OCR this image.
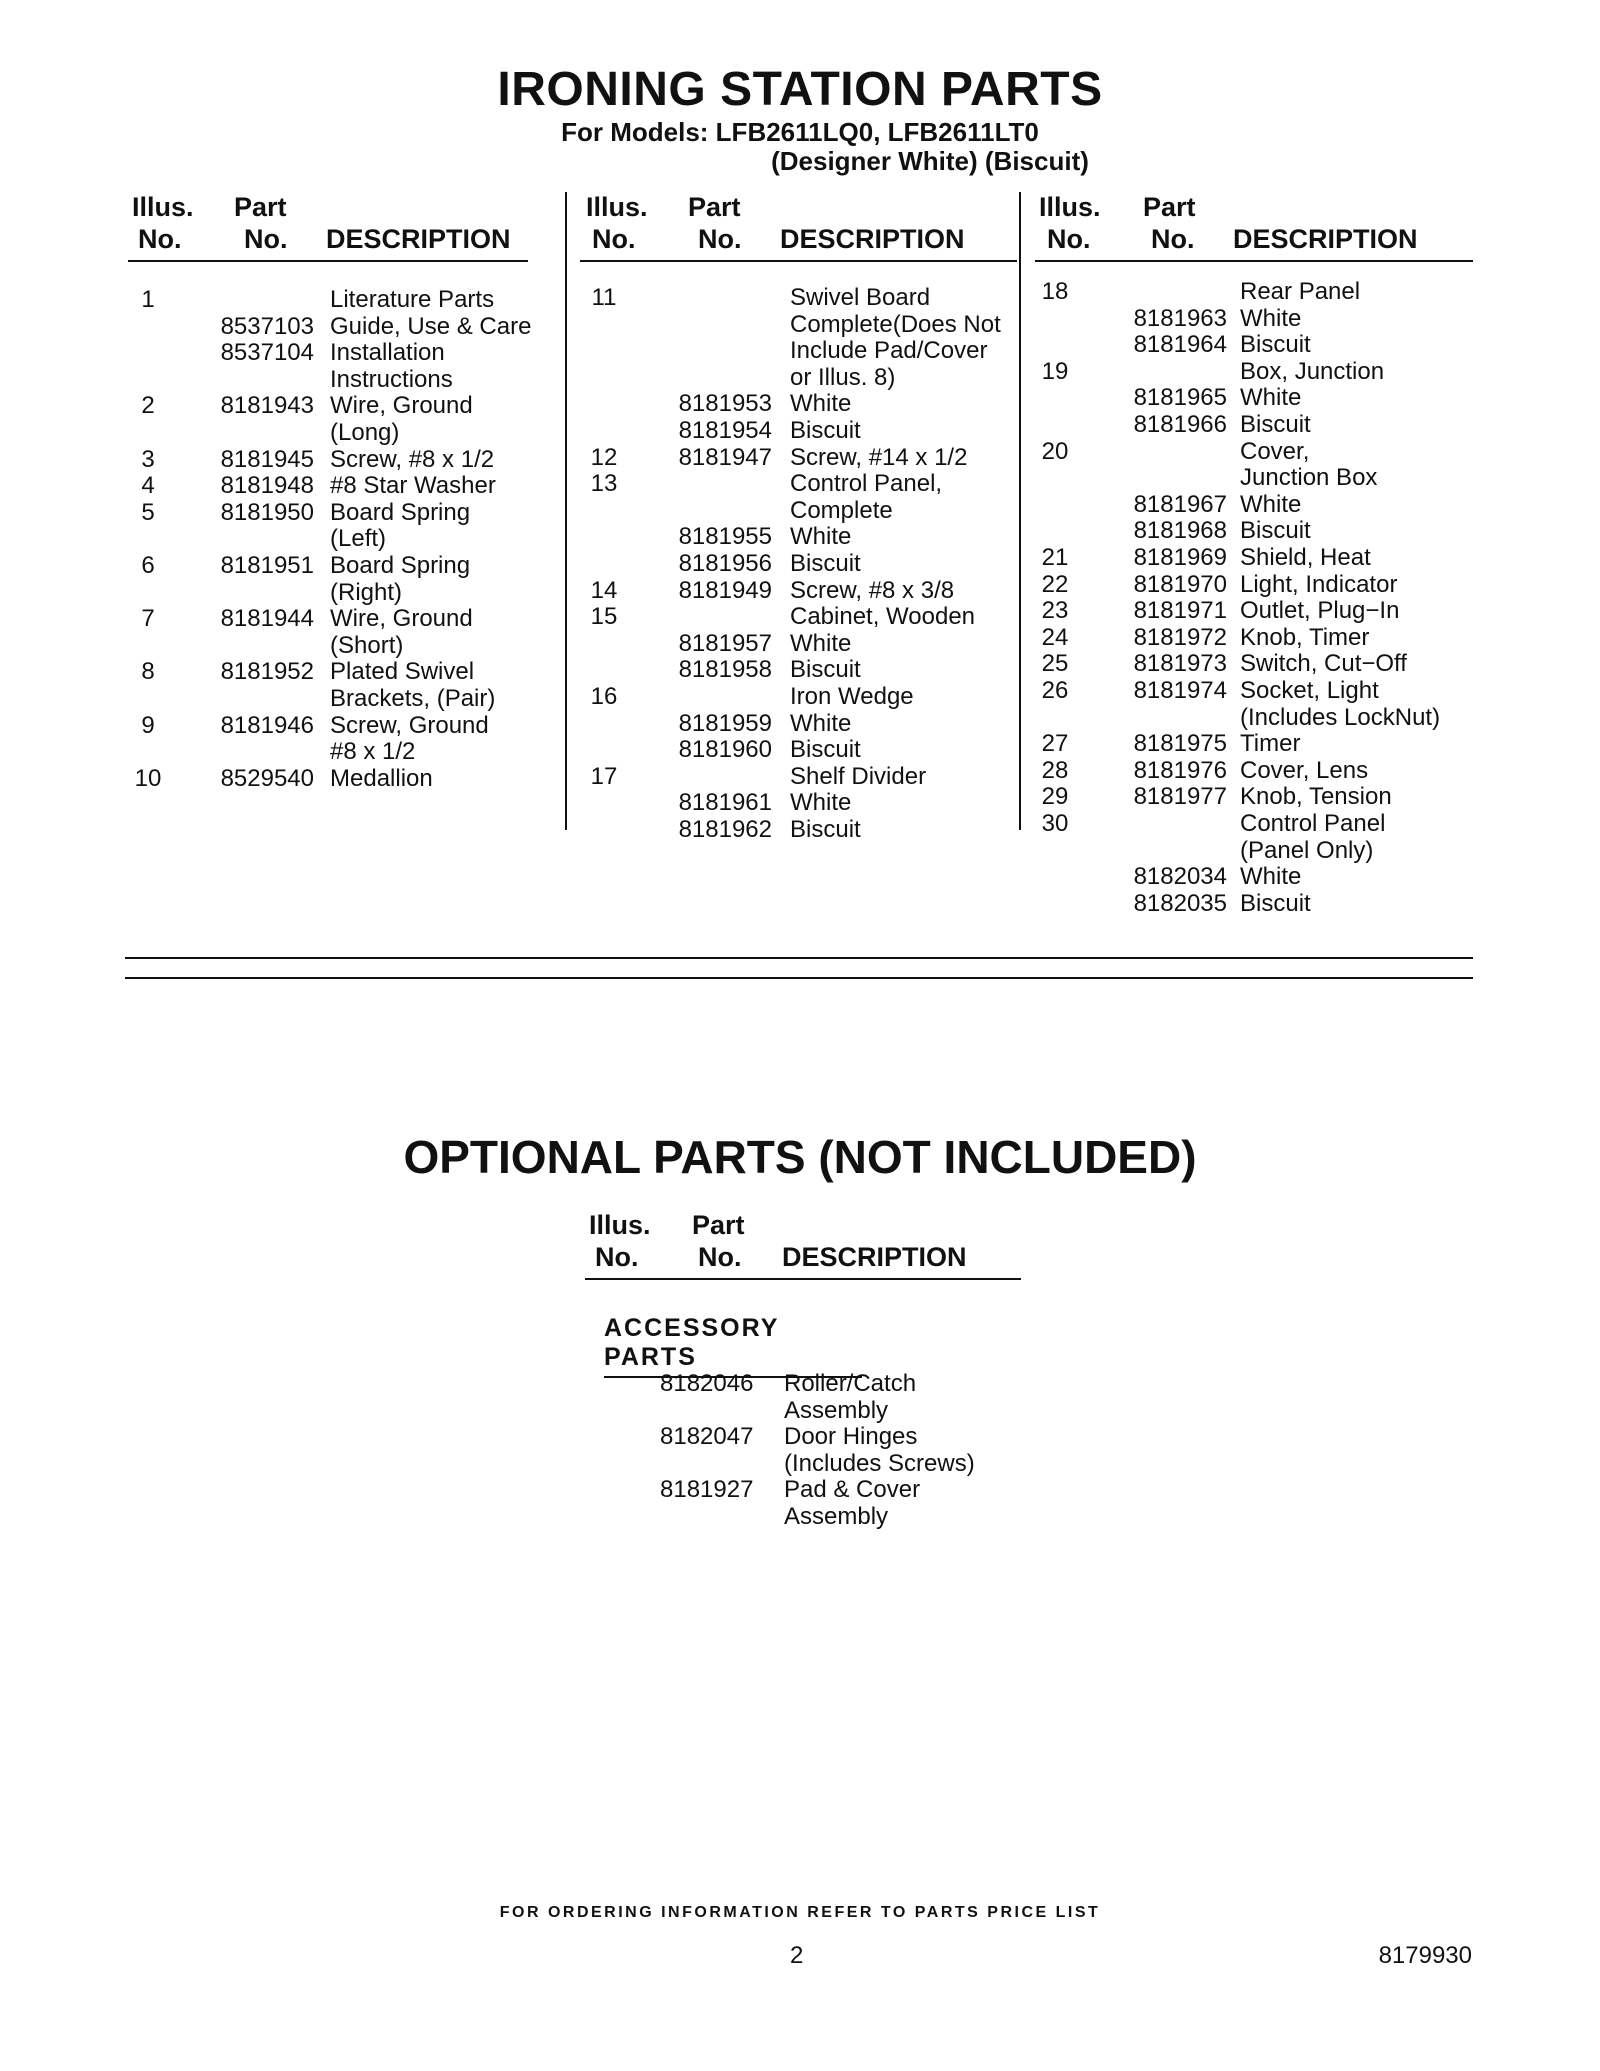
IRONING STATION PARTS
For Models: LFB2611LQ0, LFB2611LT0
(Designer White) (Biscuit)
Illus.
No.
Part
No. DESCRIPTION
1	Literature Parts
8537103 Guide, Use & Care
8537104 Installation
Instructions
2	8181943 Wire, Ground
(Long)
3	8181945 Screw, #8 x 1/2
4	8181948 #8 Star Washer
5	8181950 Board Spring
(Left)
6	8181951 Board Spring
(Right)
7	8181944 Wire, Ground
(Short)
8	8181952 Plated Swivel
Brackets, (Pair)
9	8181946 Screw, Ground
#8 x 1/2
10 8529540 Medallion
Illus.
No.
Part
No. DESCRIPTION
11	Swivel Board
Complete(Does Not
Include Pad/Cover
or Illus. 8)
8181953 White
8181954 Biscuit
12	8181947 Screw, #14 x 1/2
13	Control Panel,
Complete
8181955 White
8181956 Biscuit
14	8181949 Screw, #8 x 3/8
15	Cabinet, Wooden
8181957 White
8181958 Biscuit
16	Iron Wedge
8181959 White
8181960 Biscuit
17	Shelf Divider
8181961 White
8181962 Biscuit
Illus.
No.
Part
No. DESCRIPTION
18	Rear Panel
8181963 White
8181964 Biscuit
19	Box, Junction
8181965 White
8181966 Biscuit
20	Cover,
Junction Box
8181967 White
8181968 Biscuit
21	8181969 Shield, Heat
22	8181970 Light, Indicator
23	8181971 Outlet, Plug−In
24	8181972 Knob, Timer
25	8181973 Switch, Cut−Off
26	8181974 Socket, Light
(Includes LockNut)
27	8181975 Timer
28	8181976 Cover, Lens
29	8181977 Knob, Tension
30	Control Panel
(Panel Only)
8182034 White
8182035 Biscuit
OPTIONAL PARTS (NOT INCLUDED)
Illus.
No.
Part
No. DESCRIPTION
ACCESSORY PARTS
8182046 Roller/Catch
Assembly
8182047 Door Hinges
(Includes Screws)
8181927 Pad & Cover
Assembly
FOR ORDERING INFORMATION REFER TO PARTS PRICE LIST
2	8179930
